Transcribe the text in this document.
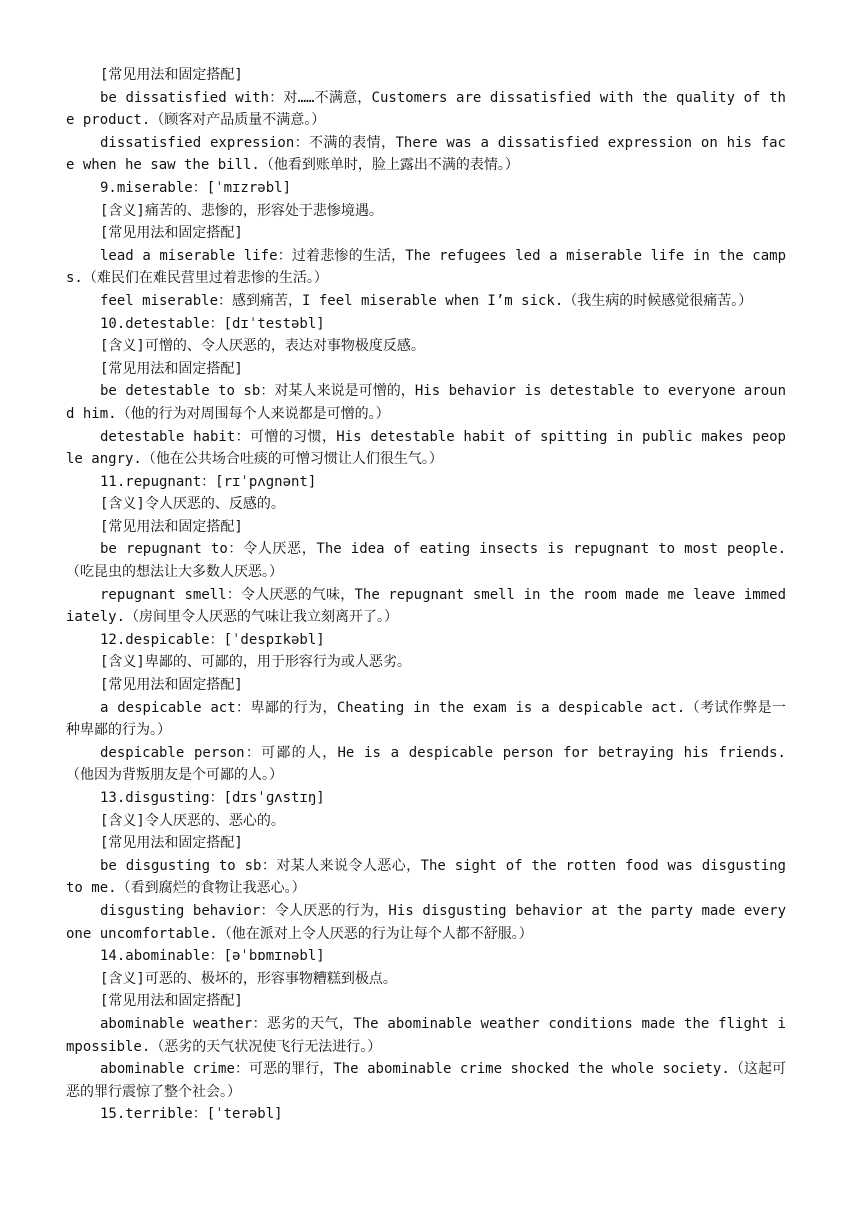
[常见用法和固定搭配]

be dissatisfied with：对……不满意，Customers are dissatisfied with the quality of the product.（顾客对产品质量不满意。）

dissatisfied expression：不满的表情，There was a dissatisfied expression on his face when he saw the bill.（他看到账单时，脸上露出不满的表情。）

9.miserable：[ˈmɪzrəbl]

[含义]痛苦的、悲惨的，形容处于悲惨境遇。

[常见用法和固定搭配]

lead a miserable life：过着悲惨的生活，The refugees led a miserable life in the camps.（难民们在难民营里过着悲惨的生活。）

feel miserable：感到痛苦，I feel miserable when I’m sick.（我生病的时候感觉很痛苦。）

10.detestable：[dɪˈtestəbl]

[含义]可憎的、令人厌恶的，表达对事物极度反感。

[常见用法和固定搭配]

be detestable to sb：对某人来说是可憎的，His behavior is detestable to everyone around him.（他的行为对周围每个人来说都是可憎的。）

detestable habit：可憎的习惯，His detestable habit of spitting in public makes people angry.（他在公共场合吐痰的可憎习惯让人们很生气。）

11.repugnant：[rɪˈpʌgnənt]

[含义]令人厌恶的、反感的。

[常见用法和固定搭配]

be repugnant to：令人厌恶，The idea of eating insects is repugnant to most people.（吃昆虫的想法让大多数人厌恶。）

repugnant smell：令人厌恶的气味，The repugnant smell in the room made me leave immediately.（房间里令人厌恶的气味让我立刻离开了。）

12.despicable：[ˈdespɪkəbl]

[含义]卑鄙的、可鄙的，用于形容行为或人恶劣。

[常见用法和固定搭配]

a despicable act：卑鄙的行为，Cheating in the exam is a despicable act.（考试作弊是一种卑鄙的行为。）

despicable person：可鄙的人，He is a despicable person for betraying his friends.（他因为背叛朋友是个可鄙的人。）

13.disgusting：[dɪsˈɡʌstɪŋ]

[含义]令人厌恶的、恶心的。

[常见用法和固定搭配]

be disgusting to sb：对某人来说令人恶心，The sight of the rotten food was disgusting to me.（看到腐烂的食物让我恶心。）

disgusting behavior：令人厌恶的行为，His disgusting behavior at the party made everyone uncomfortable.（他在派对上令人厌恶的行为让每个人都不舒服。）

14.abominable：[əˈbɒmɪnəbl]

[含义]可恶的、极坏的，形容事物糟糕到极点。

[常见用法和固定搭配]

abominable weather：恶劣的天气，The abominable weather conditions made the flight impossible.（恶劣的天气状况使飞行无法进行。）

abominable crime：可恶的罪行，The abominable crime shocked the whole society.（这起可恶的罪行震惊了整个社会。）

15.terrible：[ˈterəbl]
